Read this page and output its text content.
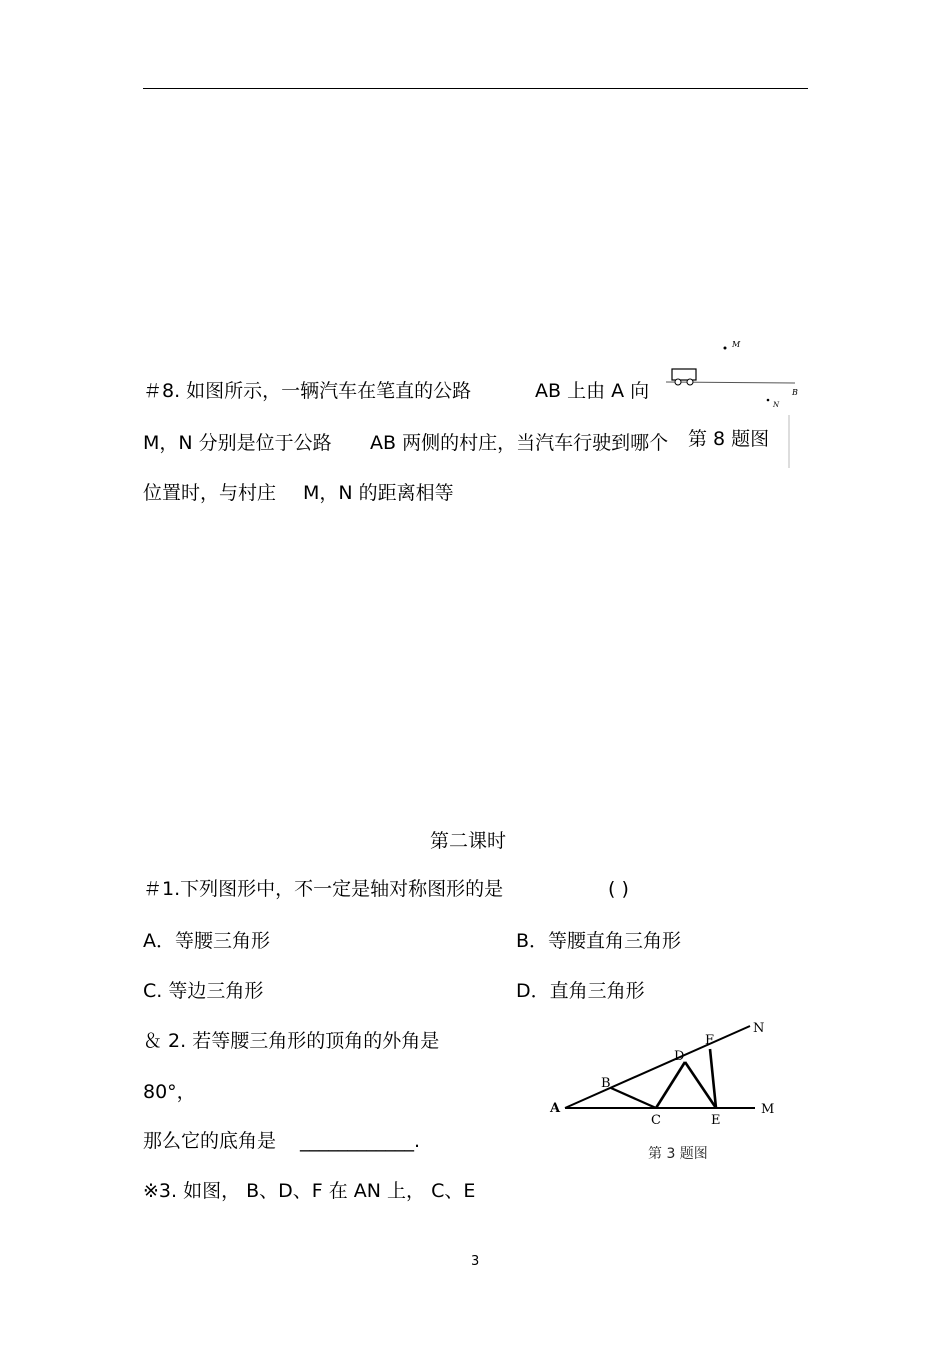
＃8. 如图所示，一辆汽车在笔直的公路	AB 上由 A 向
M，N 分别是位于公路 AB 两侧的村庄，当汽车行驶到哪个
位置时，与村庄 M，N 的距离相等
M
B
N
第 8 题图
第二课时
＃1.下列图形中，不一定是轴对称图形的是	( )
A．等腰三角形	B．等腰直角三角形
C. 等边三角形	D．直角三角形
＆ 2. 若等腰三角形的顶角的外角是
80°，
那么它的底角是 ____________.
※3. 如图， B、D、F 在 AN 上， C、E
A
B
C
D
E
F
M
N
第 3 题图
3
